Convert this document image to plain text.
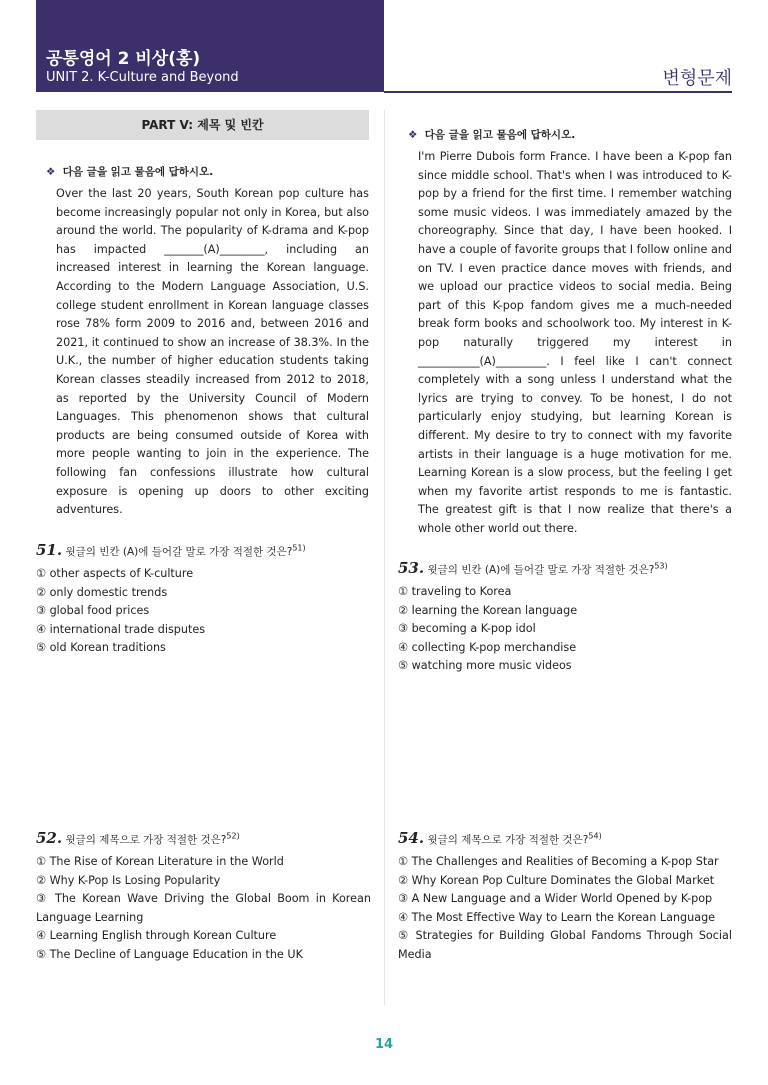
공통영어 2 비상(홍)
UNIT 2. K-Culture and Beyond	변형문제
PART V: 제목 및 빈칸
❖ 다음 글을 읽고 물음에 답하시오.
Over the last 20 years, South Korean pop culture has become increasingly popular not only in Korea, but also around the world. The popularity of K-drama and K-pop has impacted _______(A)________, including an increased interest in learning the Korean language. According to the Modern Language Association, U.S. college student enrollment in Korean language classes rose 78% form 2009 to 2016 and, between 2016 and 2021, it continued to show an increase of 38.3%. In the U.K., the number of higher education students taking Korean classes steadily increased from 2012 to 2018, as reported by the University Council of Modern Languages. This phenomenon shows that cultural products are being consumed outside of Korea with more people wanting to join in the experience. The following fan confessions illustrate how cultural exposure is opening up doors to other exciting adventures.
51. 윗글의 빈칸 (A)에 들어갈 말로 가장 적절한 것은?$^{51)}$
① other aspects of K-culture
② only domestic trends
③ global food prices
④ international trade disputes
⑤ old Korean traditions
52. 윗글의 제목으로 가장 적절한 것은?$^{52)}$
① The Rise of Korean Literature in the World
② Why K-Pop Is Losing Popularity
③ The Korean Wave Driving the Global Boom in Korean Language Learning
④ Learning English through Korean Culture
⑤ The Decline of Language Education in the UK
❖ 다음 글을 읽고 물음에 답하시오.
I'm Pierre Dubois form France. I have been a K-pop fan since middle school. That's when I was introduced to K-pop by a friend for the first time. I remember watching some music videos. I was immediately amazed by the choreography. Since that day, I have been hooked. I have a couple of favorite groups that I follow online and on TV. I even practice dance moves with friends, and we upload our practice videos to social media. Being part of this K-pop fandom gives me a much-needed break form books and schoolwork too. My interest in K-pop naturally triggered my interest in ___________(A)_________. I feel like I can't connect completely with a song unless I understand what the lyrics are trying to convey. To be honest, I do not particularly enjoy studying, but learning Korean is different. My desire to try to connect with my favorite artists in their language is a huge motivation for me. Learning Korean is a slow process, but the feeling I get when my favorite artist responds to me is fantastic. The greatest gift is that I now realize that there's a whole other world out there.
53. 윗글의 빈칸 (A)에 들어갈 말로 가장 적절한 것은?$^{53)}$
① traveling to Korea
② learning the Korean language
③ becoming a K-pop idol
④ collecting K-pop merchandise
⑤ watching more music videos
54. 윗글의 제목으로 가장 적절한 것은?$^{54)}$
① The Challenges and Realities of Becoming a K-pop Star
② Why Korean Pop Culture Dominates the Global Market
③ A New Language and a Wider World Opened by K-pop
④ The Most Effective Way to Learn the Korean Language
⑤ Strategies for Building Global Fandoms Through Social Media
14
